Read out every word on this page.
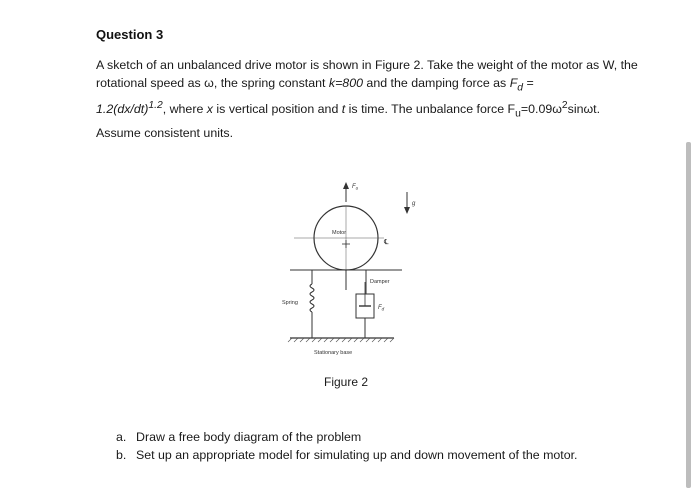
Question 3
A sketch of an unbalanced drive motor is shown in Figure 2. Take the weight of the motor as W, the rotational speed as ω, the spring constant k=800 and the damping force as $F_d$ =
$1.2(dx/dt)^{1.2}$, where x is vertical position and t is time. The unbalance force $F_u=0.09\omega^2\sin\omega t$.
Assume consistent units.
$F_u$
g
Motor
℄
Spring
Damper
$F_d$
Stationary base
Figure 2
a. Draw a free body diagram of the problem
b. Set up an appropriate model for simulating up and down movement of the motor.
